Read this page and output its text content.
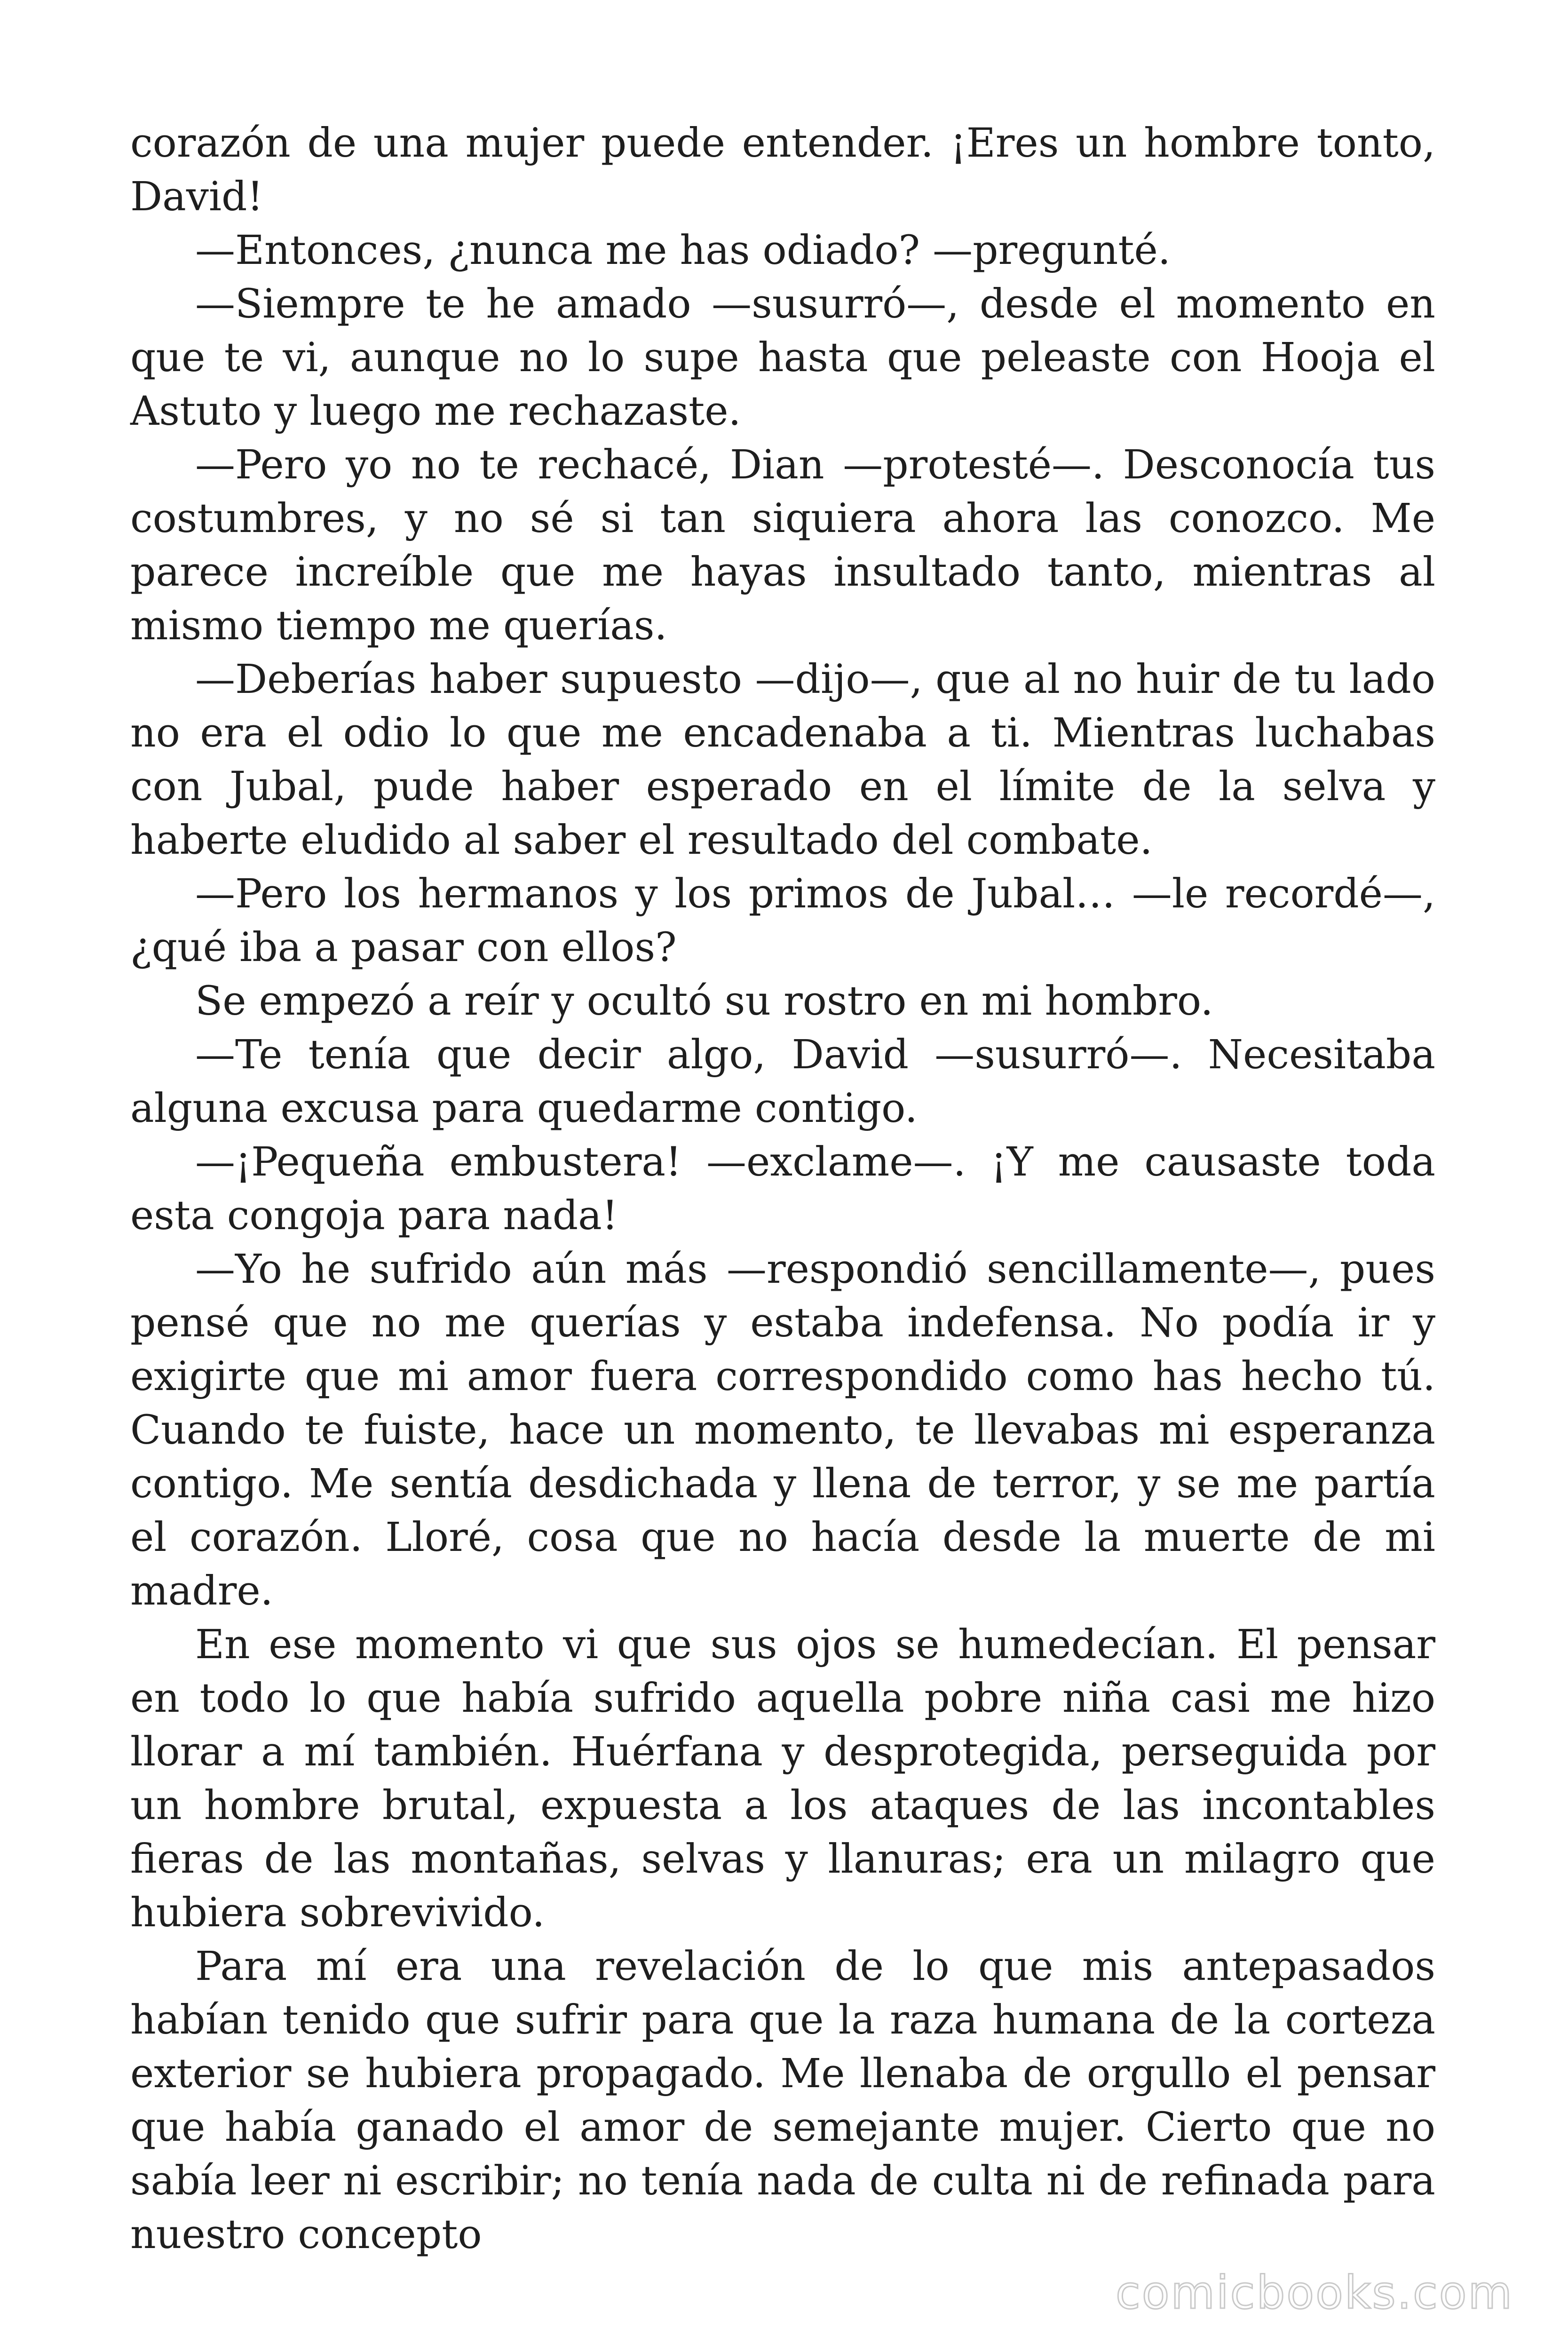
corazón de una mujer puede entender. ¡Eres un hombre tonto, David!

—Entonces, ¿nunca me has odiado? —pregunté.

—Siempre te he amado —susurró—, desde el momento en que te vi, aunque no lo supe hasta que peleaste con Hooja el Astuto y luego me rechazaste.

—Pero yo no te rechacé, Dian —protesté—. Desconocía tus costumbres, y no sé si tan siquiera ahora las conozco. Me parece increíble que me hayas insultado tanto, mientras al mismo tiempo me querías.

—Deberías haber supuesto —dijo—, que al no huir de tu lado no era el odio lo que me encadenaba a ti. Mientras luchabas con Jubal, pude haber esperado en el límite de la selva y haberte eludido al saber el resultado del combate.

—Pero los hermanos y los primos de Jubal… —le recordé—, ¿qué iba a pasar con ellos?

Se empezó a reír y ocultó su rostro en mi hombro.

—Te tenía que decir algo, David —susurró—. Necesitaba alguna excusa para quedarme contigo.

—¡Pequeña embustera! —exclame—. ¡Y me causaste toda esta congoja para nada!

—Yo he sufrido aún más —respondió sencillamente—, pues pensé que no me querías y estaba indefensa. No podía ir y exigirte que mi amor fuera correspondido como has hecho tú. Cuando te fuiste, hace un momento, te llevabas mi esperanza contigo. Me sentía desdichada y llena de terror, y se me partía el corazón. Lloré, cosa que no hacía desde la muerte de mi madre.

En ese momento vi que sus ojos se humedecían. El pensar en todo lo que había sufrido aquella pobre niña casi me hizo llorar a mí también. Huérfana y desprotegida, perseguida por un hombre brutal, expuesta a los ataques de las incontables fieras de las montañas, selvas y llanuras; era un milagro que hubiera sobrevivido.

Para mí era una revelación de lo que mis antepasados habían tenido que sufrir para que la raza humana de la corteza exterior se hubiera propagado. Me llenaba de orgullo el pensar que había ganado el amor de semejante mujer. Cierto que no sabía leer ni escribir; no tenía nada de culta ni de refinada para nuestro concepto

comicbooks.com
